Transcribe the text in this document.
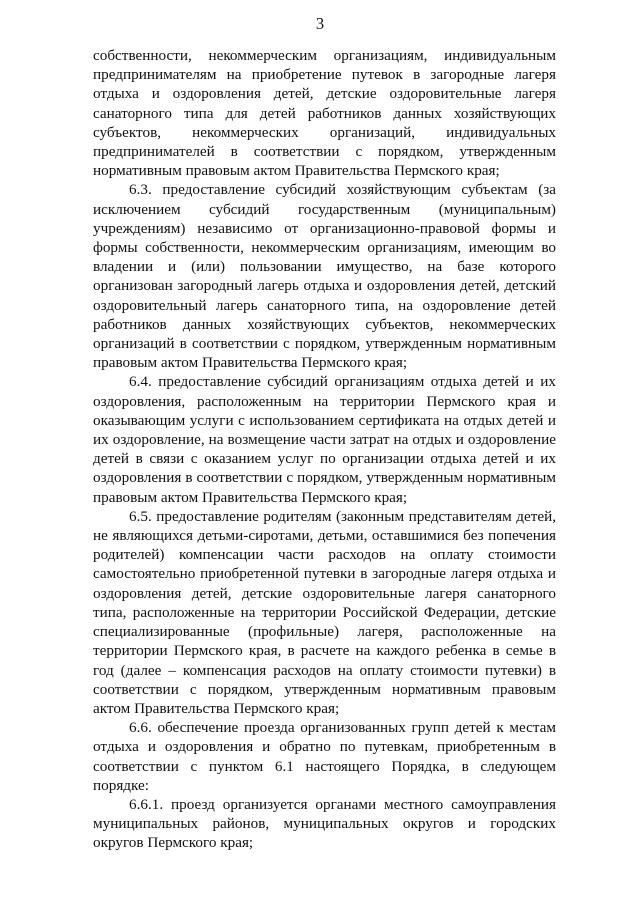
3

собственности, некоммерческим организациям, индивидуальным предпринимателям на приобретение путевок в загородные лагеря отдыха и оздоровления детей, детские оздоровительные лагеря санаторного типа для детей работников данных хозяйствующих субъектов, некоммерческих организаций, индивидуальных предпринимателей в соответствии с порядком, утвержденным нормативным правовым актом Правительства Пермского края;

6.3. предоставление субсидий хозяйствующим субъектам (за исключением субсидий государственным (муниципальным) учреждениям) независимо от организационно-правовой формы и формы собственности, некоммерческим организациям, имеющим во владении и (или) пользовании имущество, на базе которого организован загородный лагерь отдыха и оздоровления детей, детский оздоровительный лагерь санаторного типа, на оздоровление детей работников данных хозяйствующих субъектов, некоммерческих организаций в соответствии с порядком, утвержденным нормативным правовым актом Правительства Пермского края;

6.4. предоставление субсидий организациям отдыха детей и их оздоровления, расположенным на территории Пермского края и оказывающим услуги с использованием сертификата на отдых детей и их оздоровление, на возмещение части затрат на отдых и оздоровление детей в связи с оказанием услуг по организации отдыха детей и их оздоровления в соответствии с порядком, утвержденным нормативным правовым актом Правительства Пермского края;

6.5. предоставление родителям (законным представителям детей, не являющихся детьми-сиротами, детьми, оставшимися без попечения родителей) компенсации части расходов на оплату стоимости самостоятельно приобретенной путевки в загородные лагеря отдыха и оздоровления детей, детские оздоровительные лагеря санаторного типа, расположенные на территории Российской Федерации, детские специализированные (профильные) лагеря, расположенные на территории Пермского края, в расчете на каждого ребенка в семье в год (далее – компенсация расходов на оплату стоимости путевки) в соответствии с порядком, утвержденным нормативным правовым актом Правительства Пермского края;

6.6. обеспечение проезда организованных групп детей к местам отдыха и оздоровления и обратно по путевкам, приобретенным в соответствии с пунктом 6.1 настоящего Порядка, в следующем порядке:

6.6.1. проезд организуется органами местного самоуправления муниципальных районов, муниципальных округов и городских округов Пермского края;
